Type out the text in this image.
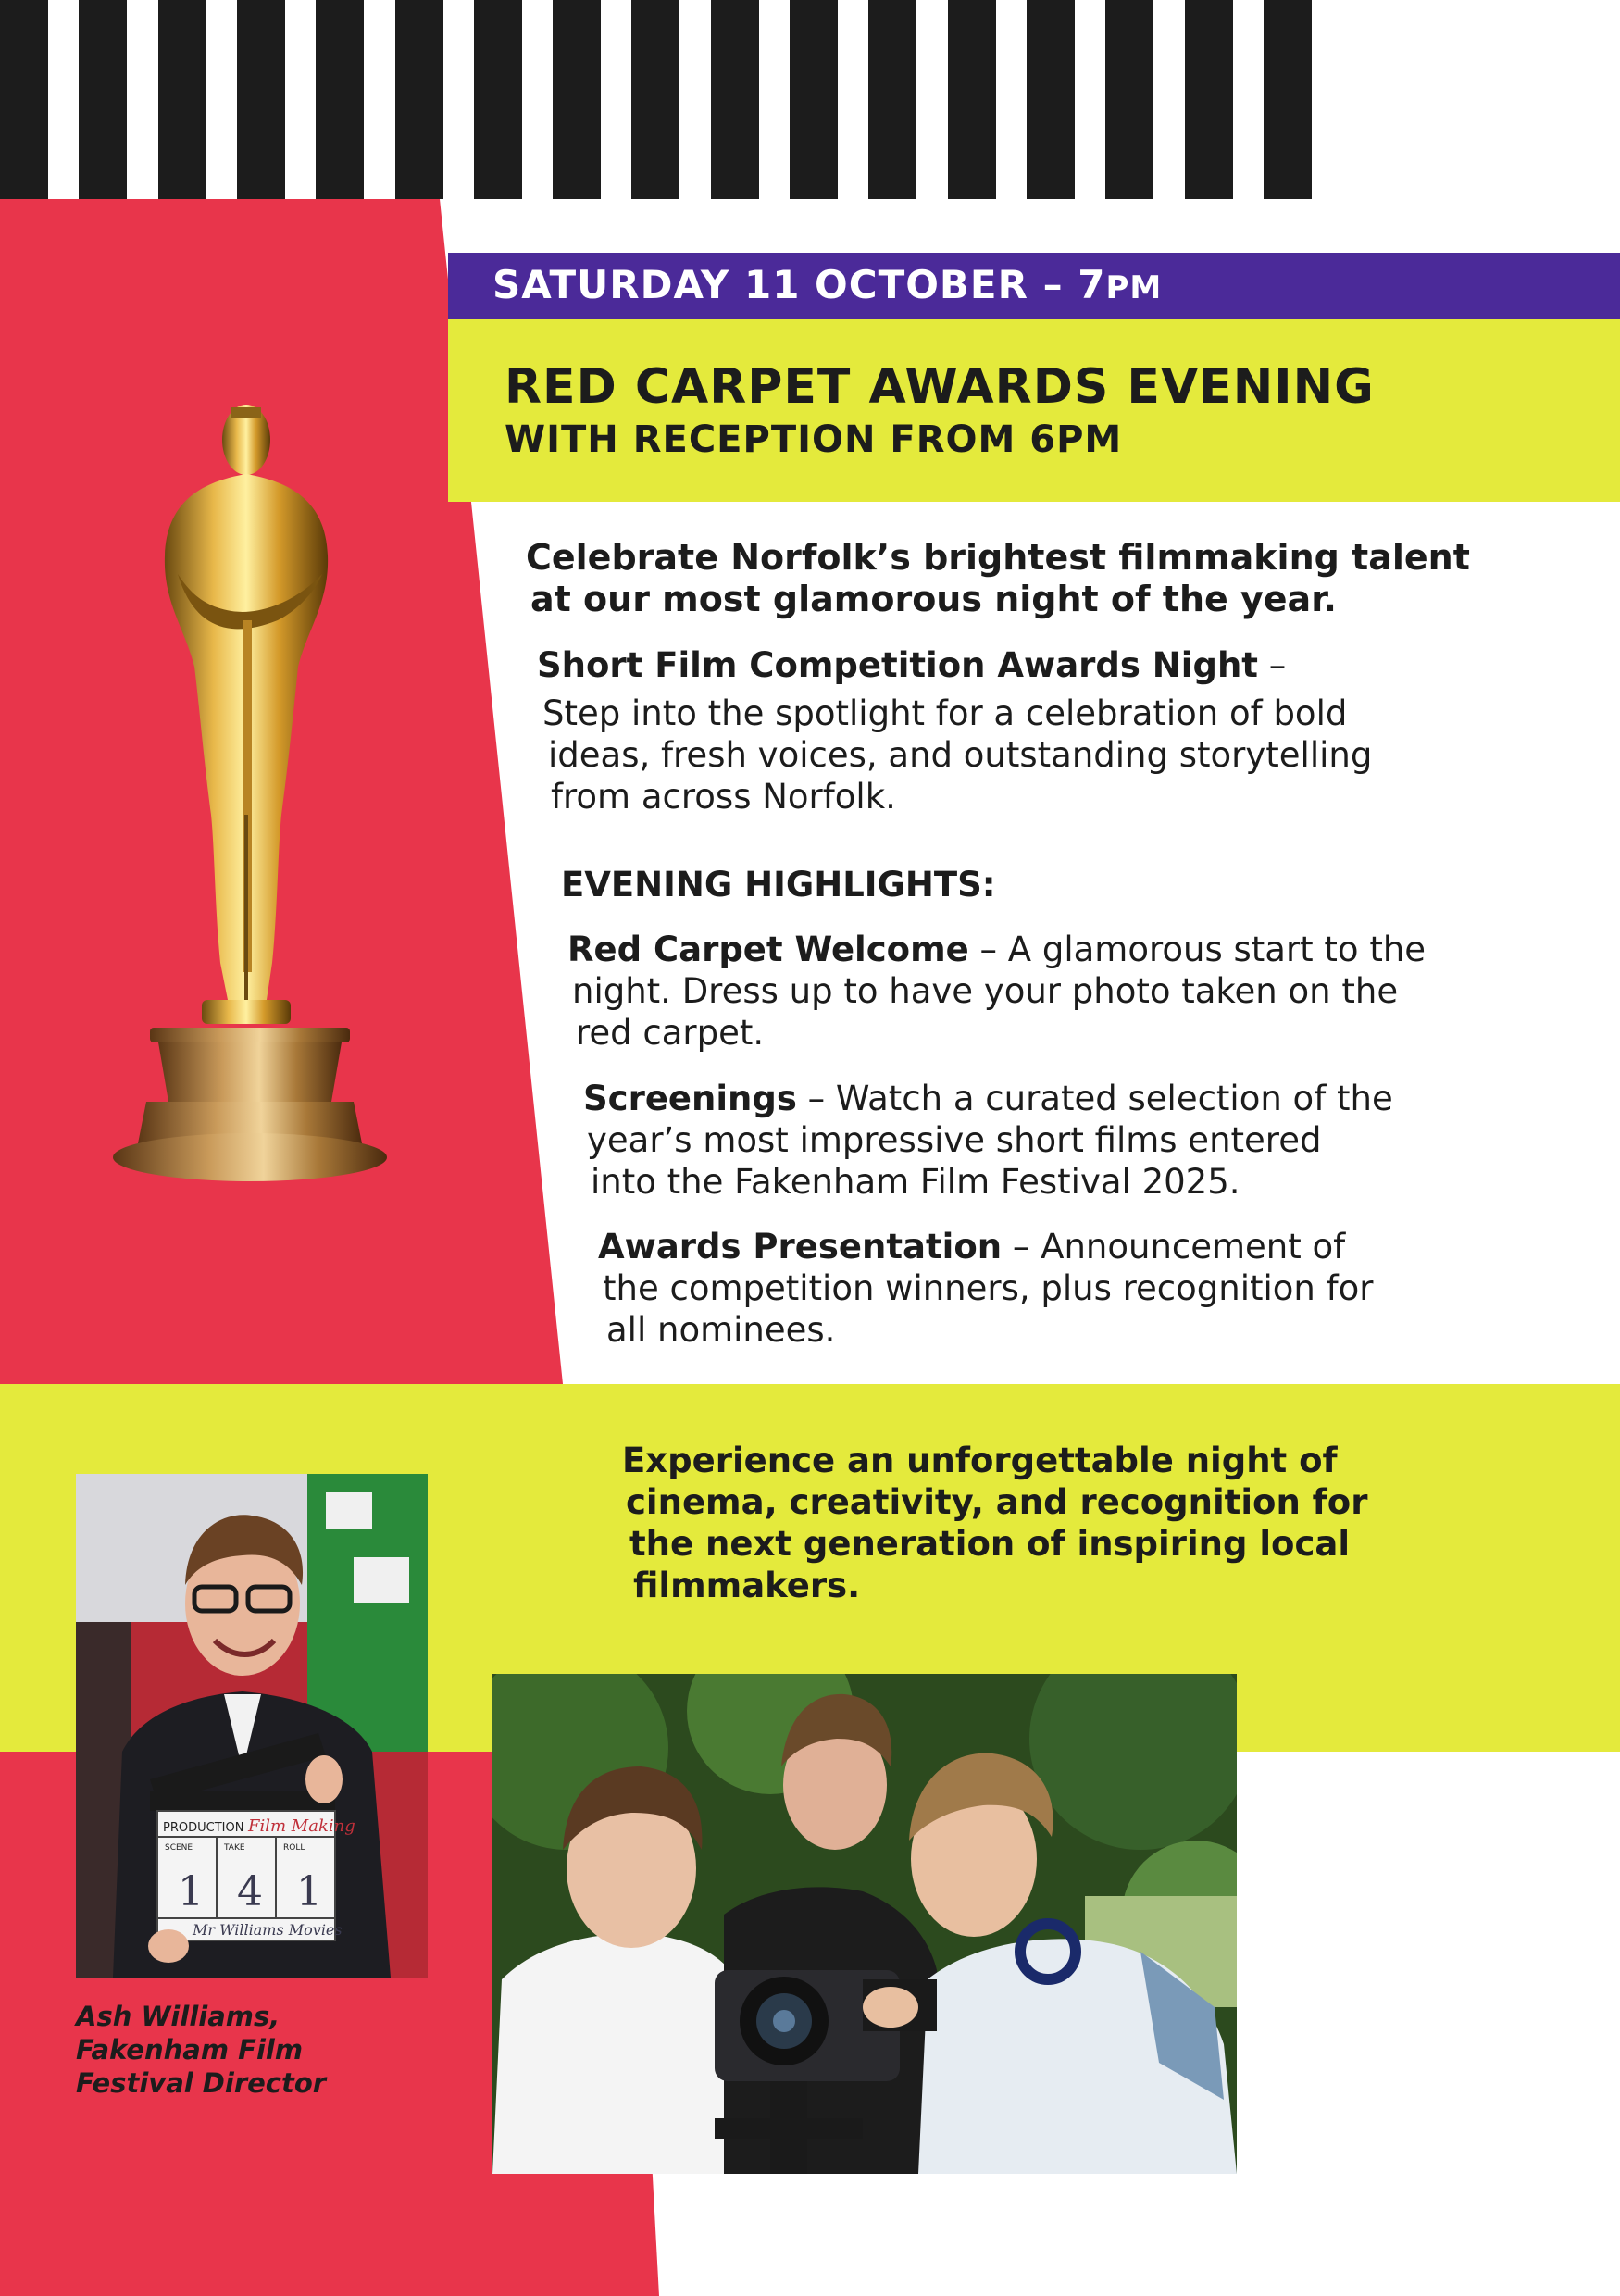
SATURDAY 11 OCTOBER – 7PM
RED CARPET AWARDS EVENING
WITH RECEPTION FROM 6PM
Celebrate Norfolk’s brightest filmmaking talent
at our most glamorous night of the year.
Short Film Competition Awards Night –
Step into the spotlight for a celebration of bold
ideas, fresh voices, and outstanding storytelling
from across Norfolk.
EVENING HIGHLIGHTS:
Red Carpet Welcome – A glamorous start to the
night. Dress up to have your photo taken on the
red carpet.
Screenings – Watch a curated selection of the
year’s most impressive short films entered
into the Fakenham Film Festival 2025.
Awards Presentation – Announcement of
the competition winners, plus recognition for
all nominees.
Experience an unforgettable night of
cinema, creativity, and recognition for
the next generation of inspiring local
filmmakers.
PRODUCTION Film Making
SCENE	TAKE	ROLL
1 4 1
Mr Williams Movies
Ash Williams,
Fakenham Film
Festival Director
